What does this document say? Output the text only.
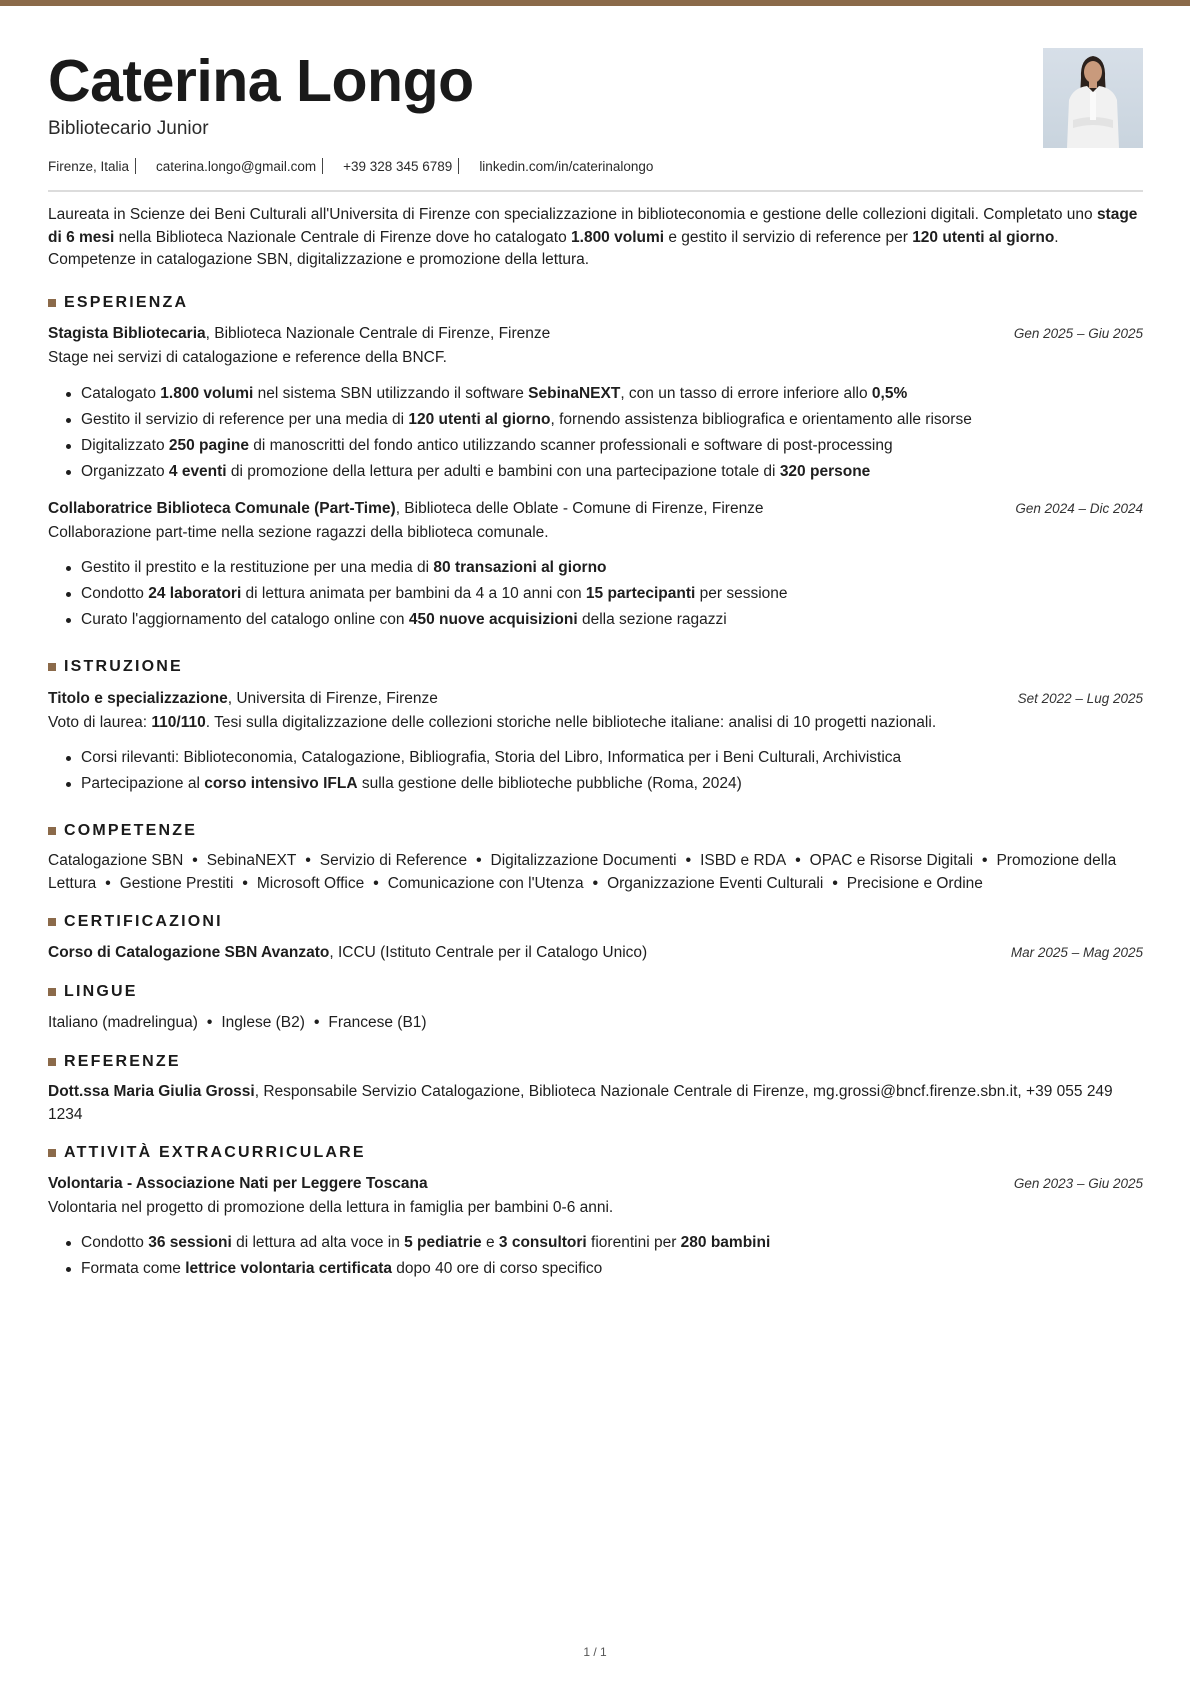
Caterina Longo
Bibliotecario Junior
Firenze, Italia caterina.longo@gmail.com +39 328 345 6789 linkedin.com/in/caterinalongo
Laureata in Scienze dei Beni Culturali all'Universita di Firenze con specializzazione in biblioteconomia e gestione delle collezioni digitali. Completato uno stage di 6 mesi nella Biblioteca Nazionale Centrale di Firenze dove ho catalogato 1.800 volumi e gestito il servizio di reference per 120 utenti al giorno. Competenze in catalogazione SBN, digitalizzazione e promozione della lettura.
ESPERIENZA
Stagista Bibliotecaria, Biblioteca Nazionale Centrale di Firenze, Firenze	Gen 2025 – Giu 2025
Stage nei servizi di catalogazione e reference della BNCF.
Catalogato 1.800 volumi nel sistema SBN utilizzando il software SebinaNEXT, con un tasso di errore inferiore allo 0,5%
Gestito il servizio di reference per una media di 120 utenti al giorno, fornendo assistenza bibliografica e orientamento alle risorse
Digitalizzato 250 pagine di manoscritti del fondo antico utilizzando scanner professionali e software di post-processing
Organizzato 4 eventi di promozione della lettura per adulti e bambini con una partecipazione totale di 320 persone
Collaboratrice Biblioteca Comunale (Part-Time), Biblioteca delle Oblate - Comune di Firenze, Firenze	Gen 2024 – Dic 2024
Collaborazione part-time nella sezione ragazzi della biblioteca comunale.
Gestito il prestito e la restituzione per una media di 80 transazioni al giorno
Condotto 24 laboratori di lettura animata per bambini da 4 a 10 anni con 15 partecipanti per sessione
Curato l'aggiornamento del catalogo online con 450 nuove acquisizioni della sezione ragazzi
ISTRUZIONE
Titolo e specializzazione, Universita di Firenze, Firenze	Set 2022 – Lug 2025
Voto di laurea: 110/110. Tesi sulla digitalizzazione delle collezioni storiche nelle biblioteche italiane: analisi di 10 progetti nazionali.
Corsi rilevanti: Biblioteconomia, Catalogazione, Bibliografia, Storia del Libro, Informatica per i Beni Culturali, Archivistica
Partecipazione al corso intensivo IFLA sulla gestione delle biblioteche pubbliche (Roma, 2024)
COMPETENZE
Catalogazione SBN • SebinaNEXT • Servizio di Reference • Digitalizzazione Documenti • ISBD e RDA • OPAC e Risorse Digitali • Promozione della Lettura • Gestione Prestiti • Microsoft Office • Comunicazione con l'Utenza • Organizzazione Eventi Culturali • Precisione e Ordine
CERTIFICAZIONI
Corso di Catalogazione SBN Avanzato, ICCU (Istituto Centrale per il Catalogo Unico)	Mar 2025 – Mag 2025
LINGUE
Italiano (madrelingua) • Inglese (B2) • Francese (B1)
REFERENZE
Dott.ssa Maria Giulia Grossi, Responsabile Servizio Catalogazione, Biblioteca Nazionale Centrale di Firenze, mg.grossi@bncf.firenze.sbn.it, +39 055 249 1234
ATTIVITÀ EXTRACURRICULARE
Volontaria - Associazione Nati per Leggere Toscana	Gen 2023 – Giu 2025
Volontaria nel progetto di promozione della lettura in famiglia per bambini 0-6 anni.
Condotto 36 sessioni di lettura ad alta voce in 5 pediatrie e 3 consultori fiorentini per 280 bambini
Formata come lettrice volontaria certificata dopo 40 ore di corso specifico
1 / 1
